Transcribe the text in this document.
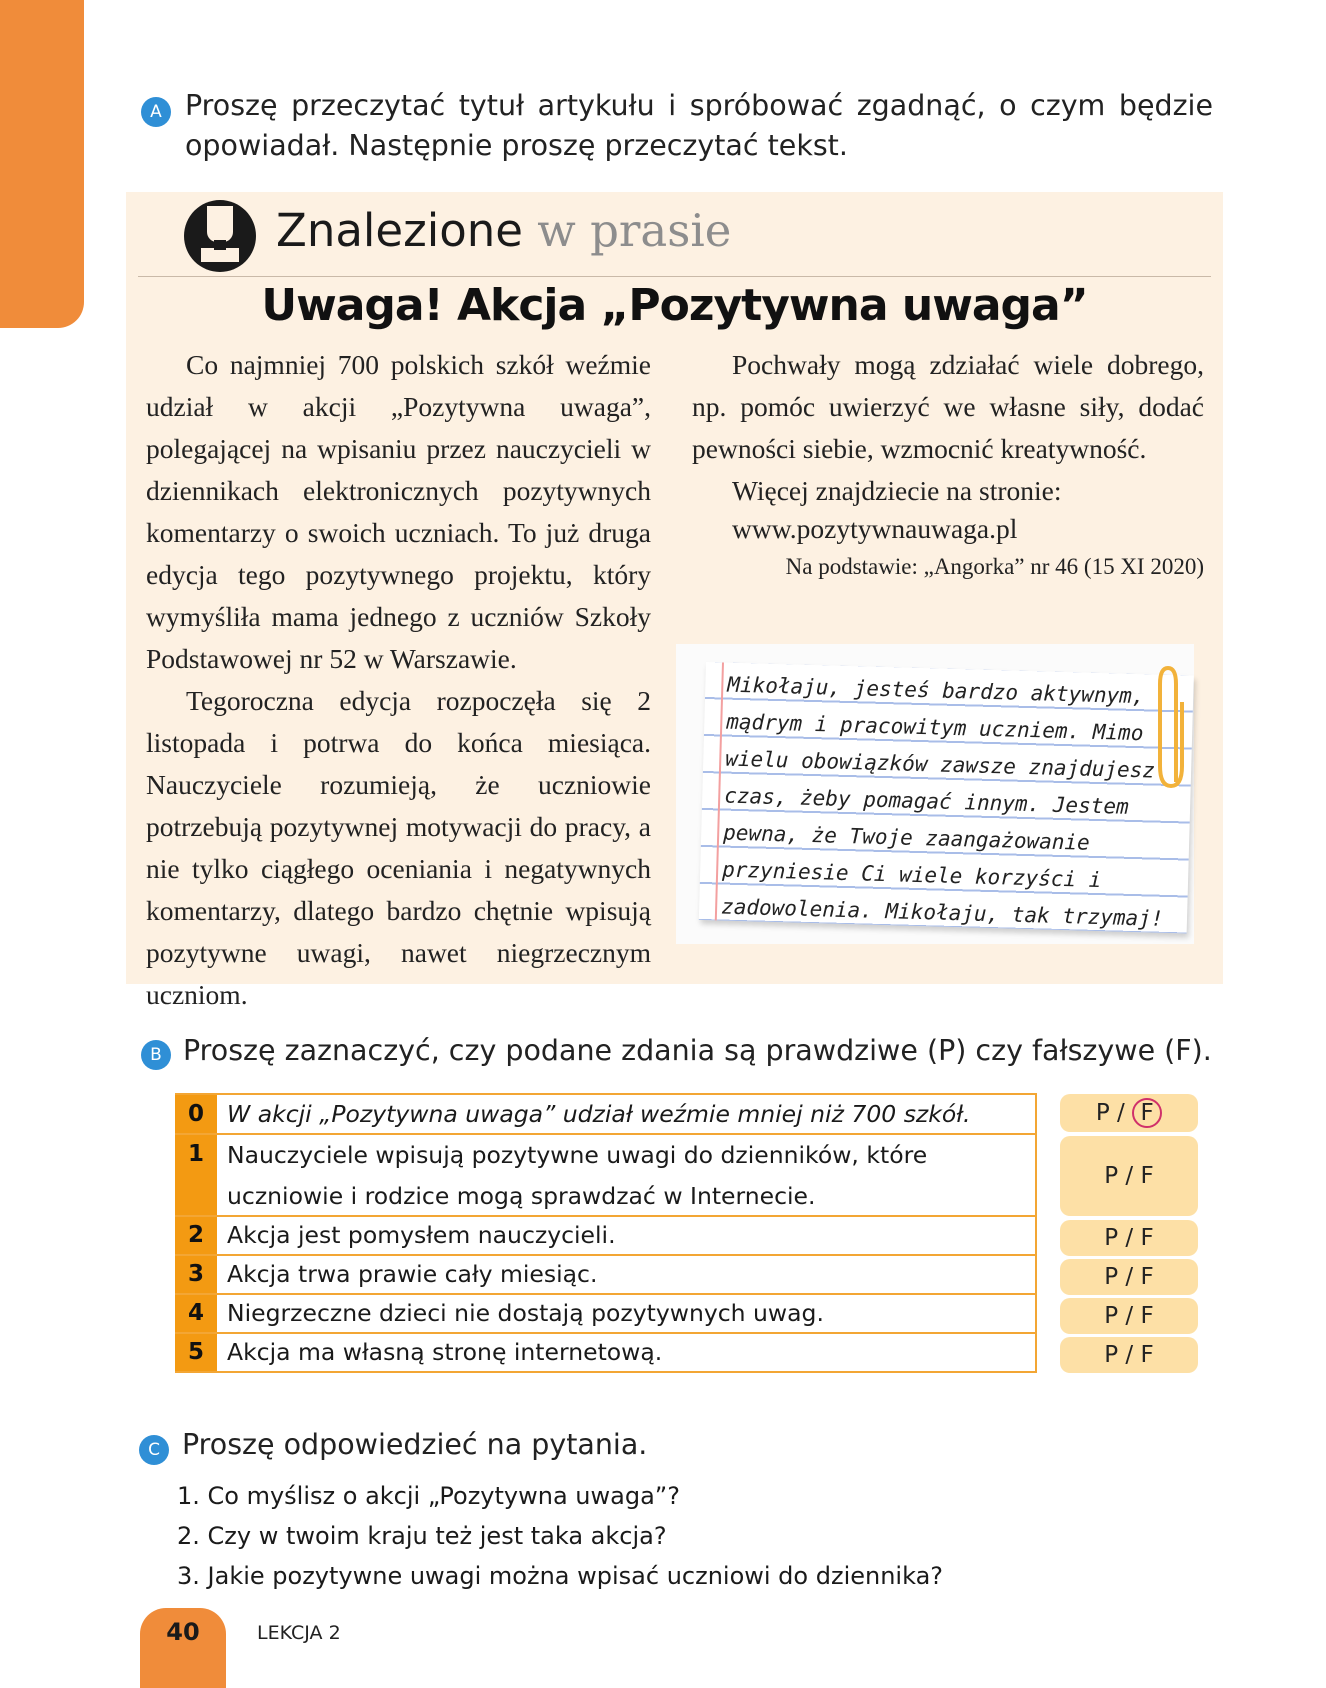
A Proszę przeczytać tytuł artykułu i spróbować zgadnąć, o czym będzie
opowiadał. Następnie proszę przeczytać tekst.
Znalezione w prasie
Uwaga! Akcja „Pozytywna uwaga”

Co najmniej 700 polskich szkół weźmie udział w akcji „Pozytywna uwaga”, polegającej na wpisaniu przez nauczycieli w dziennikach elektronicznych pozytywnych komentarzy o swoich uczniach. To już druga edycja tego pozytywnego projektu, który wymyśliła mama jednego z uczniów Szkoły Podstawowej nr 52 w Warszawie.

Tegoroczna edycja rozpoczęła się 2 listopada i potrwa do końca miesiąca. Nauczyciele rozumieją, że uczniowie potrzebują pozytywnej motywacji do pracy, a nie tylko ciągłego oceniania i negatywnych komentarzy, dlatego bardzo chętnie wpisują pozytywne uwagi, nawet niegrzecznym uczniom.

Pochwały mogą zdziałać wiele dobrego, np. pomóc uwierzyć we własne siły, dodać pewności siebie, wzmocnić kreatywność.

Więcej znajdziecie na stronie:

www.pozytywnauwaga.pl

Na podstawie: „Angorka” nr 46 (15 XI 2020)
Mikołaju, jesteś bardzo aktywnym,
mądrym i pracowitym uczniem. Mimo
wielu obowiązków zawsze znajdujesz
czas, żeby pomagać innym. Jestem
pewna, że Twoje zaangażowanie
przyniesie Ci wiele korzyści i
zadowolenia. Mikołaju, tak trzymaj!
B Proszę zaznaczyć, czy podane zdania są prawdziwe (P) czy fałszywe (F).
0 W akcji „Pozytywna uwaga” udział weźmie mniej niż 700 szkół.
1 Nauczyciele wpisują pozytywne uwagi do dzienników, które uczniowie i rodzice mogą sprawdzać w Internecie.
2 Akcja jest pomysłem nauczycieli.
3 Akcja trwa prawie cały miesiąc.
4 Niegrzeczne dzieci nie dostają pozytywnych uwag.
5 Akcja ma własną stronę internetową.
P / F
P / F
P / F
P / F
P / F
P / F
C Proszę odpowiedzieć na pytania.
1. Co myślisz o akcji „Pozytywna uwaga”?
2. Czy w twoim kraju też jest taka akcja?
3. Jakie pozytywne uwagi można wpisać uczniowi do dziennika?
40	LEKCJA 2
